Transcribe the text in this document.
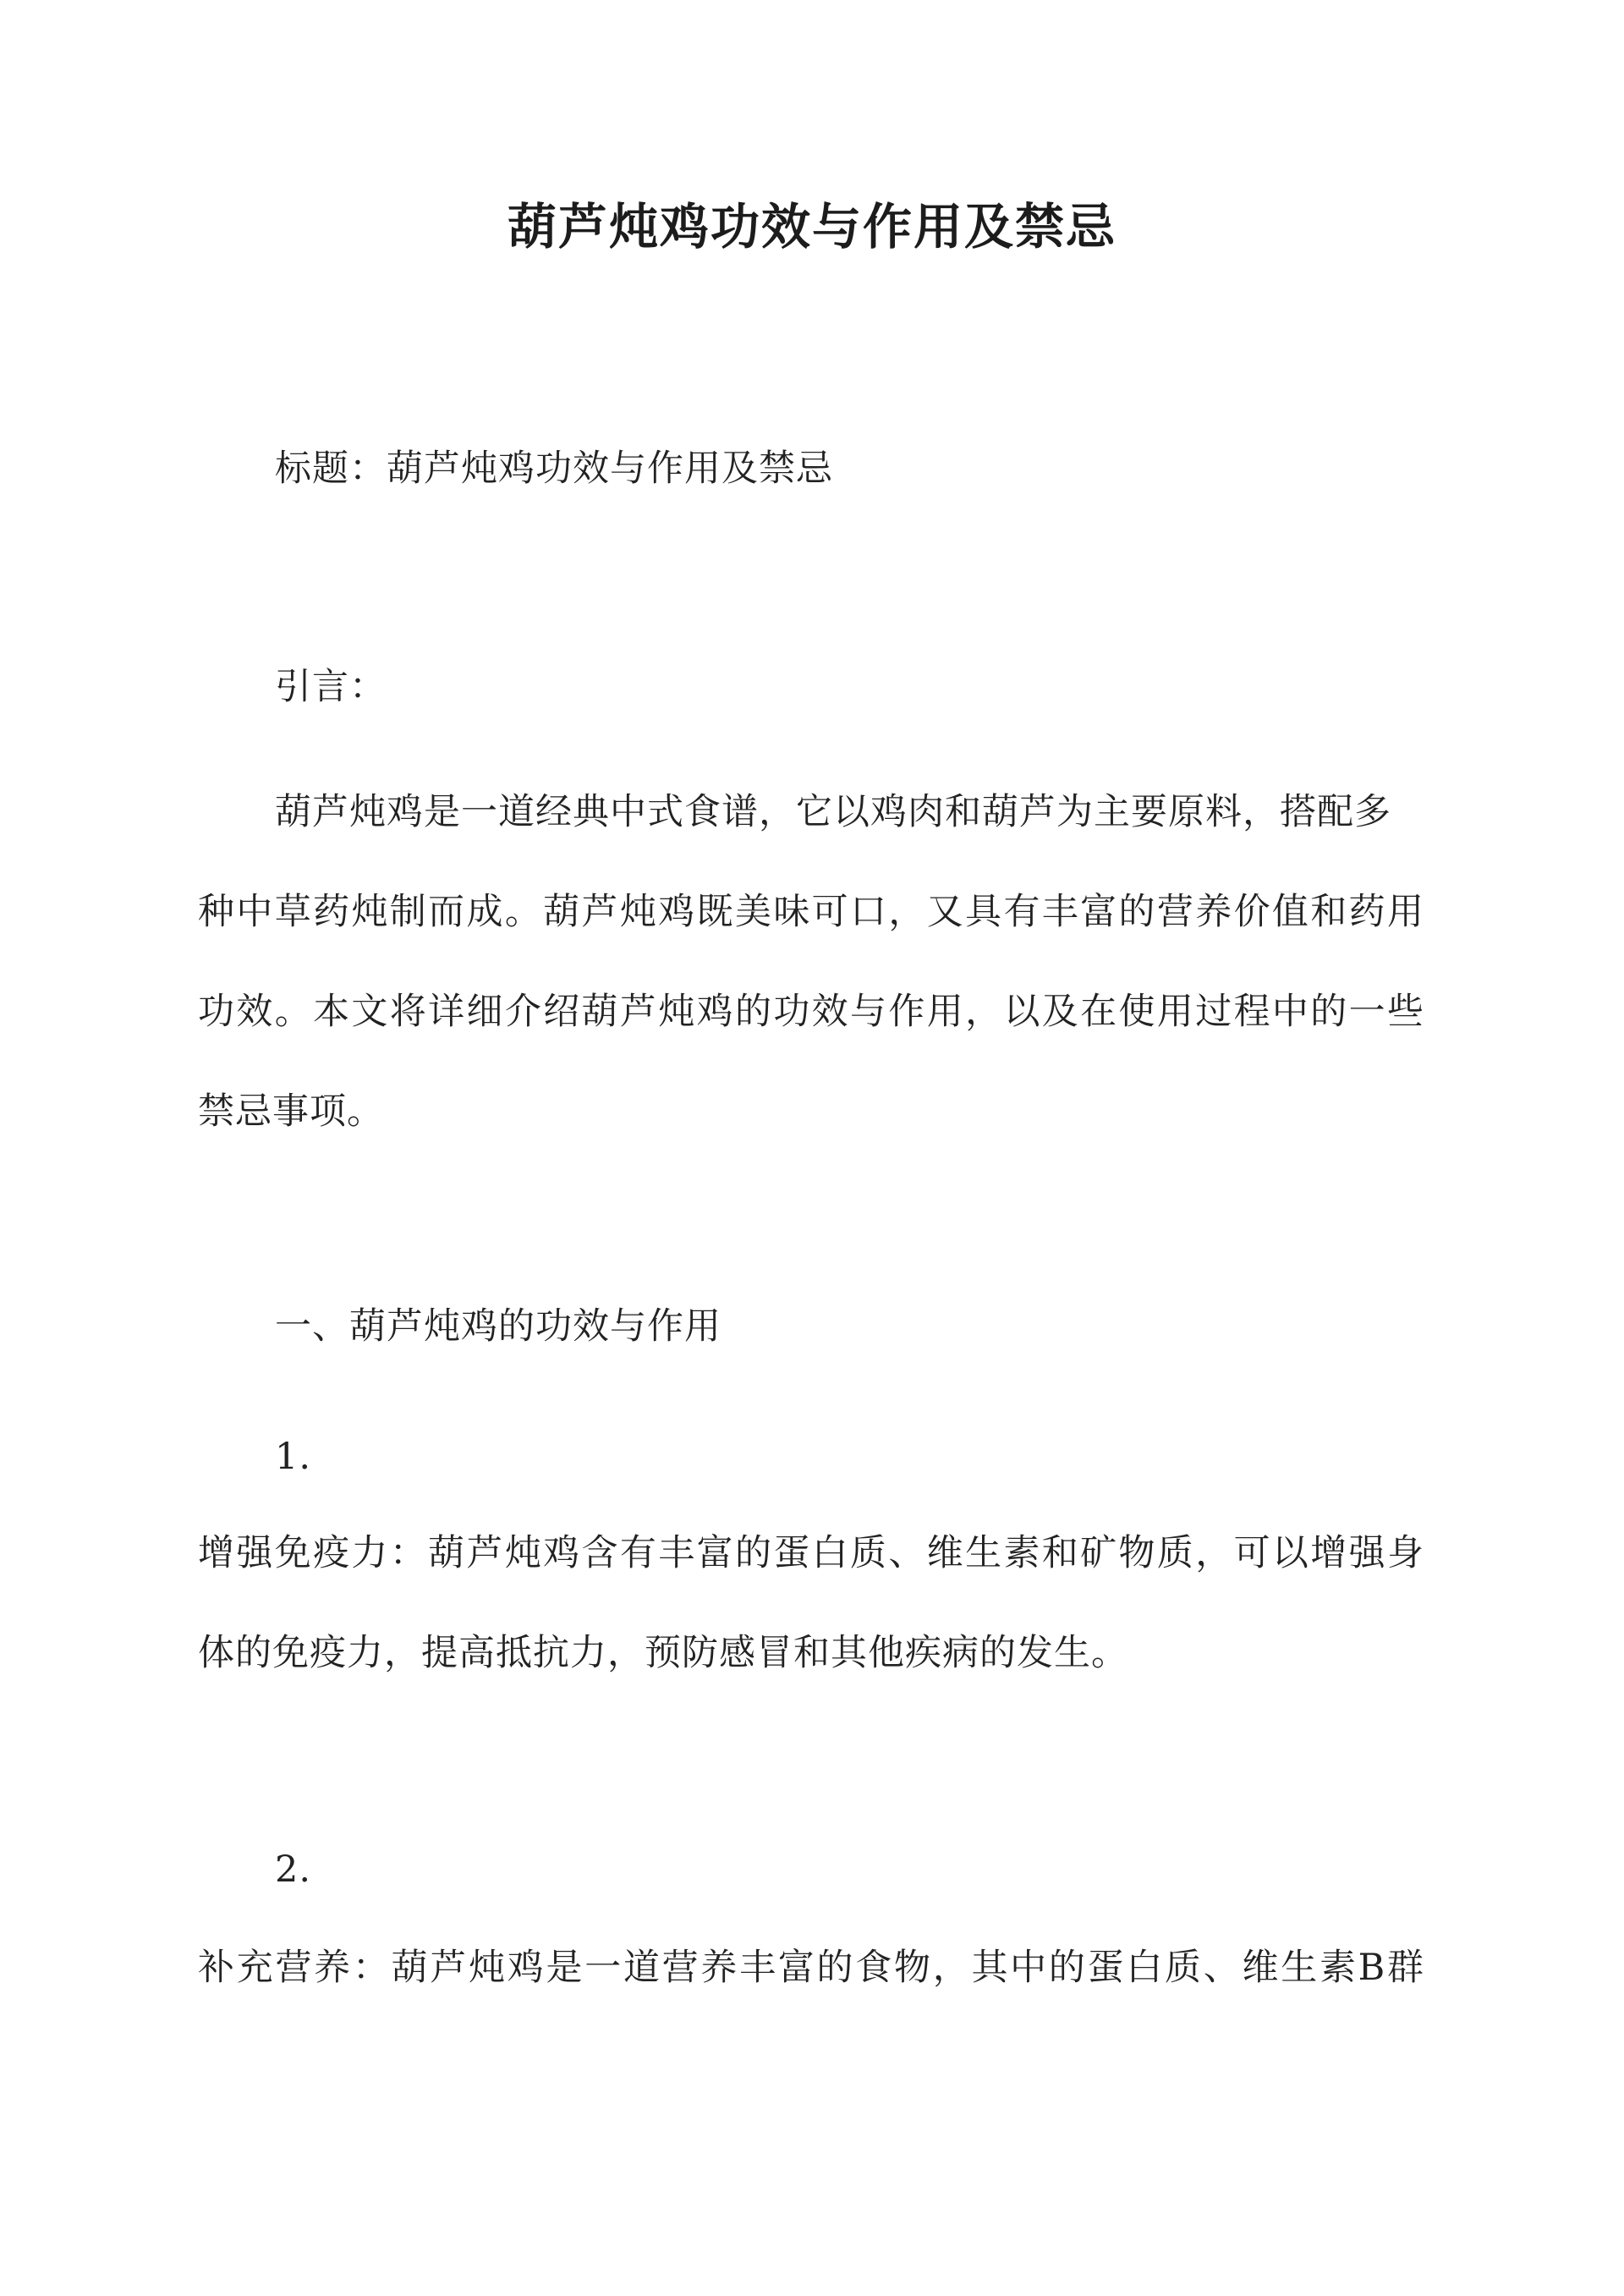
葫芦炖鸡功效与作用及禁忌
标题：葫芦炖鸡功效与作用及禁忌
引言：
葫芦炖鸡是一道经典中式食谱，它以鸡肉和葫芦为主要原料，搭配多
种中草药炖制而成。葫芦炖鸡既美味可口，又具有丰富的营养价值和药用
功效。本文将详细介绍葫芦炖鸡的功效与作用，以及在使用过程中的一些
禁忌事项。
一、葫芦炖鸡的功效与作用
1.
增强免疫力：葫芦炖鸡含有丰富的蛋白质、维生素和矿物质，可以增强身
体的免疫力，提高抵抗力，预防感冒和其他疾病的发生。
2.
补充营养：葫芦炖鸡是一道营养丰富的食物，其中的蛋白质、维生素B群
